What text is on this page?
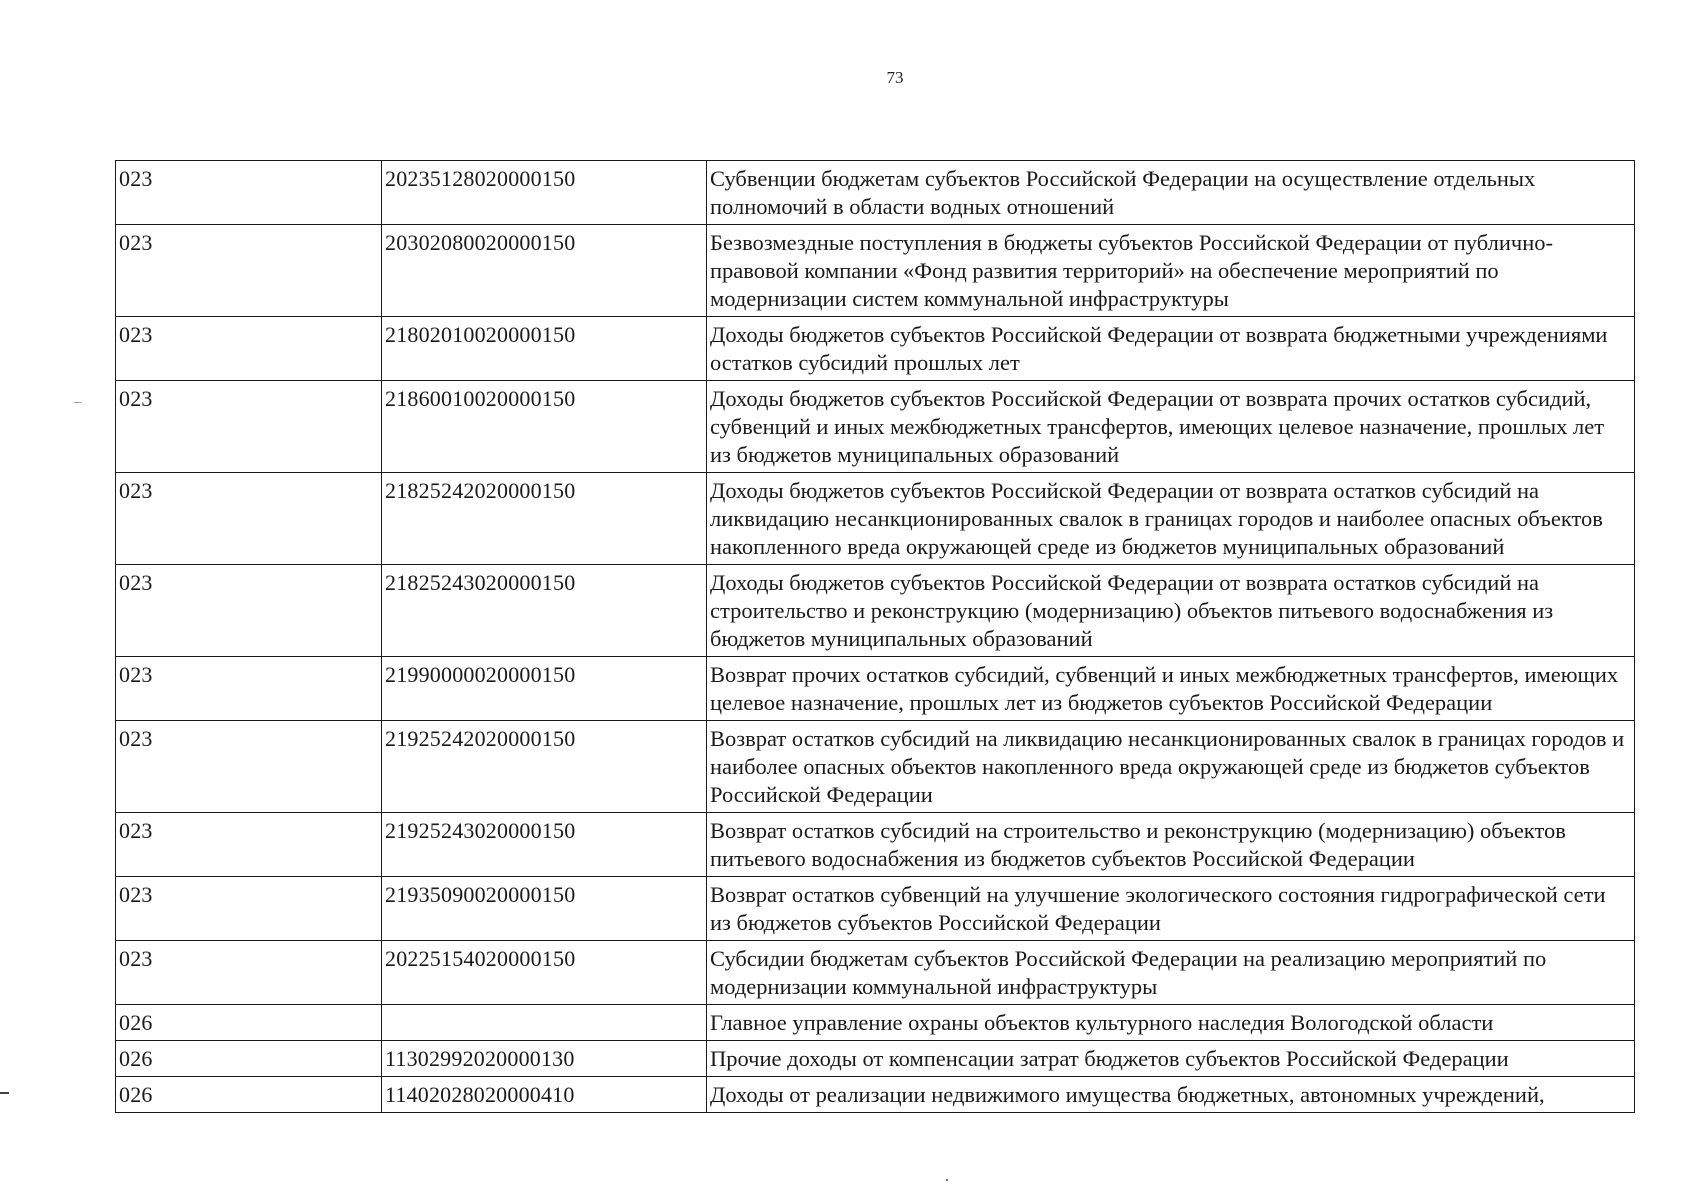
73
023	20235128020000150	Субвенции бюджетам субъектов Российской Федерации на осуществление отдельных полномочий в области водных отношений
023	20302080020000150	Безвозмездные поступления в бюджеты субъектов Российской Федерации от публично-правовой компании «Фонд развития территорий» на обеспечение мероприятий по модернизации систем коммунальной инфраструктуры
023	21802010020000150	Доходы бюджетов субъектов Российской Федерации от возврата бюджетными учреждениями остатков субсидий прошлых лет
023	21860010020000150	Доходы бюджетов субъектов Российской Федерации от возврата прочих остатков субсидий, субвенций и иных межбюджетных трансфертов, имеющих целевое назначение, прошлых лет из бюджетов муниципальных образований
023	21825242020000150	Доходы бюджетов субъектов Российской Федерации от возврата остатков субсидий на ликвидацию несанкционированных свалок в границах городов и наиболее опасных объектов накопленного вреда окружающей среде из бюджетов муниципальных образований
023	21825243020000150	Доходы бюджетов субъектов Российской Федерации от возврата остатков субсидий на строительство и реконструкцию (модернизацию) объектов питьевого водоснабжения из бюджетов муниципальных образований
023	21990000020000150	Возврат прочих остатков субсидий, субвенций и иных межбюджетных трансфертов, имеющих целевое назначение, прошлых лет из бюджетов субъектов Российской Федерации
023	21925242020000150	Возврат остатков субсидий на ликвидацию несанкционированных свалок в границах городов и наиболее опасных объектов накопленного вреда окружающей среде из бюджетов субъектов Российской Федерации
023	21925243020000150	Возврат остатков субсидий на строительство и реконструкцию (модернизацию) объектов питьевого водоснабжения из бюджетов субъектов Российской Федерации
023	21935090020000150	Возврат остатков субвенций на улучшение экологического состояния гидрографической сети из бюджетов субъектов Российской Федерации
023	20225154020000150	Субсидии бюджетам субъектов Российской Федерации на реализацию мероприятий по модернизации коммунальной инфраструктуры
026		Главное управление охраны объектов культурного наследия Вологодской области
026	11302992020000130	Прочие доходы от компенсации затрат бюджетов субъектов Российской Федерации
026	11402028020000410	Доходы от реализации недвижимого имущества бюджетных, автономных учреждений,
